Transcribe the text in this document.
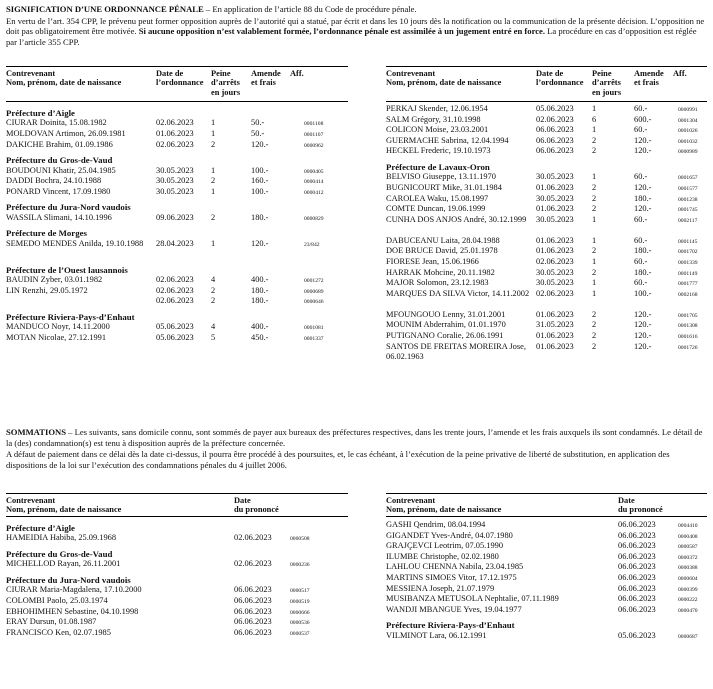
SIGNIFICATION D’UNE ORDONNANCE PÉNALE – En application de l’article 88 du Code de procédure pénale.

En vertu de l’art. 354 CPP, le prévenu peut former opposition auprès de l’autorité qui a statué, par écrit et dans les 10 jours dès la notification ou la communication de la présente décision. L’opposition ne doit pas obligatoirement être motivée. Si aucune opposition n’est valablement formée, l’ordonnance pénale est assimilée à un jugement entré en force. La procédure en cas d’opposition est réglée par l’article 355 CPP.

Contrevenant
Nom, prénom, date de naissance
Date de
l’ordonnance
Peine
d’arrêts
en jours
Amende
et frais
Aff.
Préfecture d’Aigle
CIURAR Doinita, 15.08.1982	02.06.2023 1	50.-	0001108
MOLDOVAN Artimon, 26.09.1981	01.06.2023 1	50.-	0001107
DAKICHE Brahim, 01.09.1986	02.06.2023 2	120.-	0000962
Préfecture du Gros-de-Vaud
BOUDOUNI Khatir, 25.04.1985	30.05.2023 1	100.-	0000405
DADDI Bochra, 24.10.1988	30.05.2023 2	160.-	0000414
PONARD Vincent, 17.09.1980	30.05.2023 1	100.-	0000412
Préfecture du Jura-Nord vaudois
WASSILA Slimani, 14.10.1996	09.06.2023 2	180.-	0000829
Préfecture de Morges
SEMEDO MENDES Anilda, 19.10.1988	28.04.2023 1	120.-	23/842
Préfecture de l’Ouest lausannois
BAUDIN Zyber, 03.01.1982	02.06.2023 4	400.-	0001272
LIN Renzhi, 29.05.1972	02.06.2023 2	180.-	0000689
02.06.2023 2	180.-	0000646
Préfecture Riviera-Pays-d’Enhaut
MANDUCO Noyr, 14.11.2000	05.06.2023 4	400.-	0001081
MOTAN Nicolae, 27.12.1991	05.06.2023 5	450.-	0001337
Contrevenant
Nom, prénom, date de naissance
Date de
l’ordonnance
Peine
d’arrêts
en jours
Amende
et frais
Aff.
PERKAJ Skender, 12.06.1954	05.06.2023 1	60.-	0000991
SALM Grégory, 31.10.1998	02.06.2023 6	600.-	0001304
COLICON Moise, 23.03.2001	06.06.2023 1	60.-	0001026
GUERMACHE Sabrina, 12.04.1994	06.06.2023 2	120.-	0001032
HECKEL Frederic, 19.10.1973	06.06.2023 2	120.-	0000989
Préfecture de Lavaux-Oron
BELVISO Giuseppe, 13.11.1970	30.05.2023 1	60.-	0001657
BUGNICOURT Mike, 31.01.1984	01.06.2023 2	120.-	0001577
CAROLEA Waku, 15.08.1997	30.05.2023 2	180.-	0001238
COMTE Duncan, 19.06.1999	01.06.2023 2	120.-	0001745
CUNHA DOS ANJOS André, 30.12.1999	30.05.2023 1	60.-	0002117
DABUCEANU Laita, 28.04.1988	01.06.2023 1	60.-	0001145
DOE BRUCE David, 25.01.1978	01.06.2023 2	180.-	0001702
FIORESE Jean, 15.06.1966	02.06.2023 1	60.-	0001339
HARRAK Mohcine, 20.11.1982	30.05.2023 2	180.-	0001149
MAJOR Solomon, 23.12.1983	30.05.2023 1	60.-	0001777
MARQUES DA SILVA Victor, 14.11.2002 02.06.2023 1	100.-	0002168
MFOUNGOUO Lenny, 31.01.2001	01.06.2023 2	120.-	0001705
MOUNIM Abderrahim, 01.01.1970	31.05.2023 2	120.-	0001308
PUTIGNANO Coralie, 26.06.1991	01.06.2023 2	120.-	0001616
SANTOS DE FREITAS MOREIRA Jose, 06.02.1963
01.06.2023 2	120.-	0001726

SOMMATIONS – Les suivants, sans domicile connu, sont sommés de payer aux bureaux des préfectures respectives, dans les trente jours, l’amende et les frais auxquels ils sont condamnés. Le détail de la (des) condamnation(s) est tenu à disposition auprès de la préfecture concernée.

A défaut de paiement dans ce délai dès la date ci-dessus, il pourra être procédé à des poursuites, et, le cas échéant, à l’exécution de la peine privative de liberté de substitution, en application des dispositions de la loi sur l’exécution des condamnations pénales du 4 juillet 2006.

Contrevenant
Nom, prénom, date de naissance
Date
du prononcé
Préfecture d’Aigle
HAMEIDIA Habiba, 25.09.1968	02.06.2023	0000508
Préfecture du Gros-de-Vaud
MICHELLOD Rayan, 26.11.2001	02.06.2023	0000236
Préfecture du Jura-Nord vaudois
CIURAR Maria-Magdalena, 17.10.2000	06.06.2023	0000517
COLOMBI Paolo, 25.03.1974	06.06.2023	0000519
EBHOHIMHEN Sebastine, 04.10.1998	06.06.2023	0000666
ERAY Dursun, 01.08.1987	06.06.2023	0000536
FRANCISCO Ken, 02.07.1985	06.06.2023	0000537
Contrevenant
Nom, prénom, date de naissance
Date
du prononcé
GASHI Qendrim, 08.04.1994	06.06.2023	0004410
GIGANDET Yves-André, 04.07.1980	06.06.2023	0000408
GRAJÇEVCI Leotrim, 07.05.1990	06.06.2023	0000587
ILUMBE Christophe, 02.02.1980	06.06.2023	0000372
LAHLOU CHENNA Nabila, 23.04.1985	06.06.2023	0000388
MARTINS SIMOES Vitor, 17.12.1975	06.06.2023	0000604
MESSIENA Joseph, 21.07.1979	06.06.2023	0000399
MUSIBANZA METUSOLA Nephtalie, 07.11.1989	06.06.2023	0000222
WANDJI MBANGUE Yves, 19.04.1977	06.06.2023	0000470
Préfecture Riviera-Pays-d’Enhaut
VILMINOT Lara, 06.12.1991	05.06.2023	0000687
